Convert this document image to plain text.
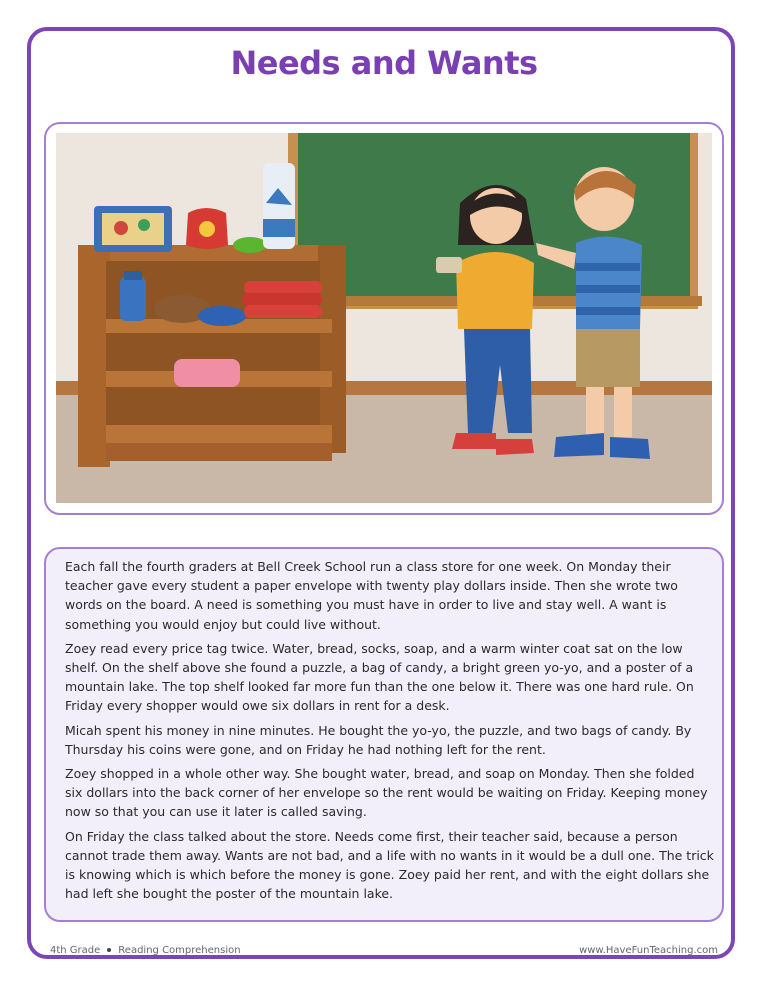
Needs and Wants

Each fall the fourth graders at Bell Creek School run a class store for one week. On Monday their teacher gave every student a paper envelope with twenty play dollars inside. Then she wrote two words on the board. A need is something you must have in order to live and stay well. A want is something you would enjoy but could live without.

Zoey read every price tag twice. Water, bread, socks, soap, and a warm winter coat sat on the low shelf. On the shelf above she found a puzzle, a bag of candy, a bright green yo-yo, and a poster of a mountain lake. The top shelf looked far more fun than the one below it. There was one hard rule. On Friday every shopper would owe six dollars in rent for a desk.

Micah spent his money in nine minutes. He bought the yo-yo, the puzzle, and two bags of candy. By Thursday his coins were gone, and on Friday he had nothing left for the rent.

Zoey shopped in a whole other way. She bought water, bread, and soap on Monday. Then she folded six dollars into the back corner of her envelope so the rent would be waiting on Friday. Keeping money now so that you can use it later is called saving.

On Friday the class talked about the store. Needs come first, their teacher said, because a person cannot trade them away. Wants are not bad, and a life with no wants in it would be a dull one. The trick is knowing which is which before the money is gone. Zoey paid her rent, and with the eight dollars she had left she bought the poster of the mountain lake.

4th Grade Reading Comprehension	www.HaveFunTeaching.com
